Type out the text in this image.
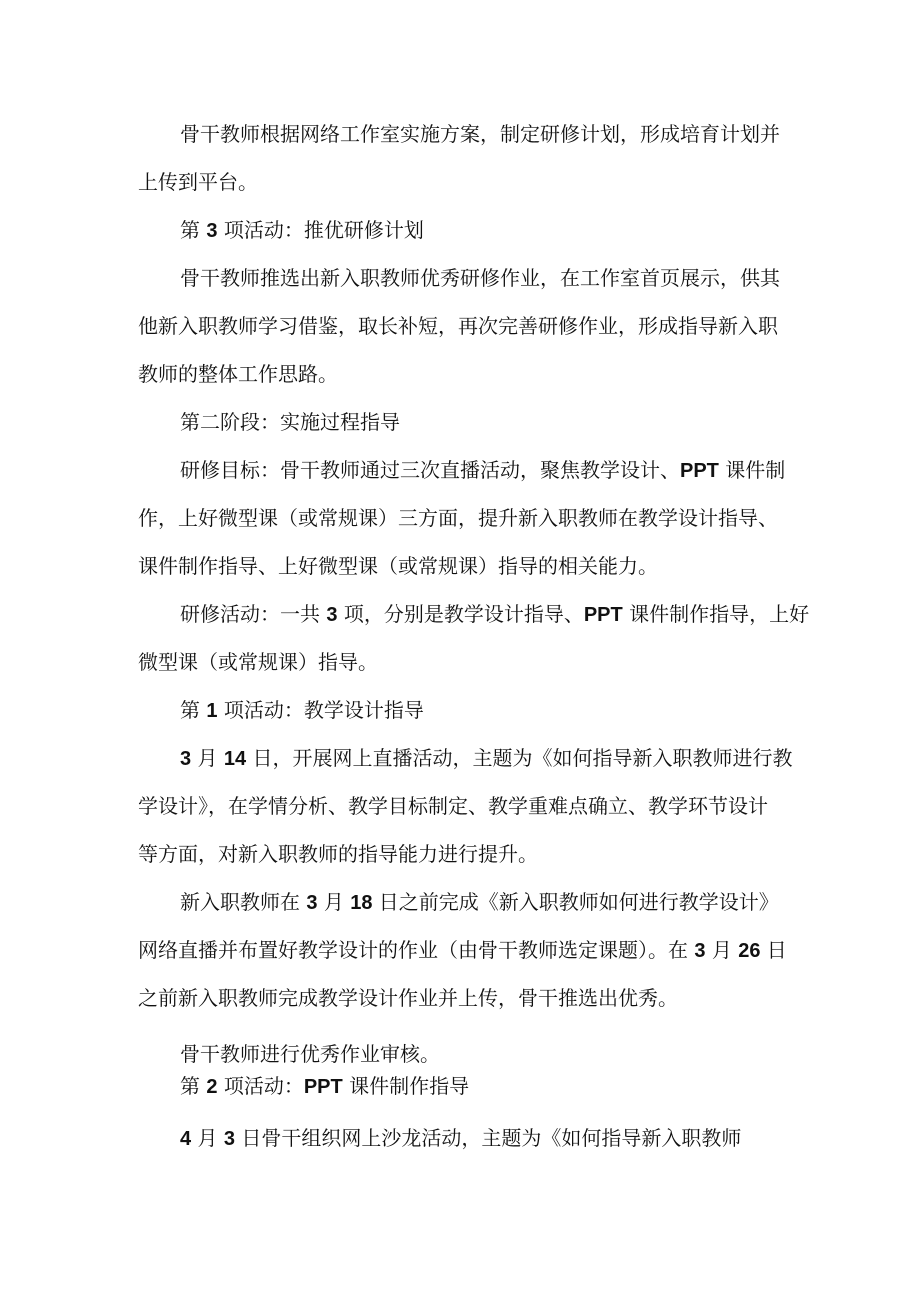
骨干教师根据网络工作室实施方案，制定研修计划，形成培育计划并
上传到平台。
第 3 项活动：推优研修计划
骨干教师推选出新入职教师优秀研修作业，在工作室首页展示，供其
他新入职教师学习借鉴，取长补短，再次完善研修作业，形成指导新入职
教师的整体工作思路。
第二阶段：实施过程指导
研修目标：骨干教师通过三次直播活动，聚焦教学设计、PPT 课件制
作，上好微型课（或常规课）三方面，提升新入职教师在教学设计指导、
课件制作指导、上好微型课（或常规课）指导的相关能力。
研修活动：一共 3 项，分别是教学设计指导、PPT 课件制作指导，上好
微型课（或常规课）指导。
第 1 项活动：教学设计指导
3 月 14 日，开展网上直播活动，主题为《如何指导新入职教师进行教
学设计》，在学情分析、教学目标制定、教学重难点确立、教学环节设计
等方面，对新入职教师的指导能力进行提升。
新入职教师在 3 月 18 日之前完成《新入职教师如何进行教学设计》
网络直播并布置好教学设计的作业（由骨干教师选定课题）。在 3 月 26 日
之前新入职教师完成教学设计作业并上传，骨干推选出优秀。
骨干教师进行优秀作业审核。
第 2 项活动：PPT 课件制作指导
4 月 3 日骨干组织网上沙龙活动，主题为《如何指导新入职教师
